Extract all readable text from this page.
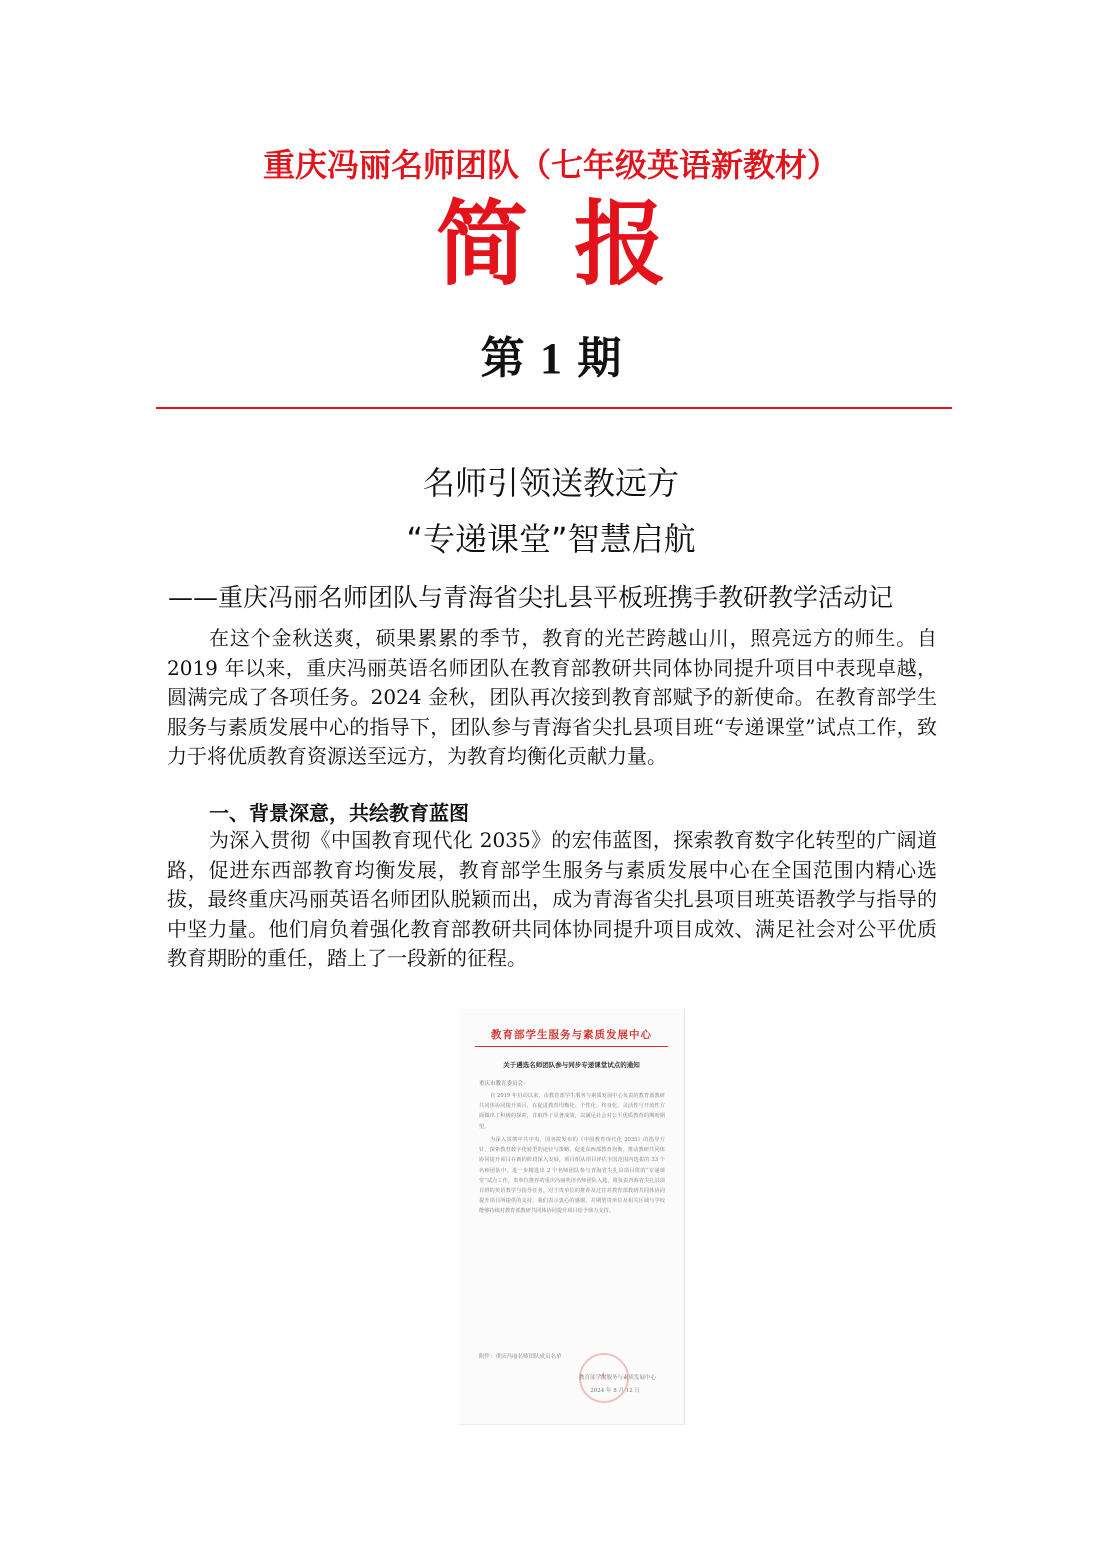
重庆冯丽名师团队（七年级英语新教材）
简报
第 1 期
名师引领送教远方
“专递课堂”智慧启航
——重庆冯丽名师团队与青海省尖扎县平板班携手教研教学活动记
在这个金秋送爽，硕果累累的季节，教育的光芒跨越山川，照亮远方的师生。自 2019 年以来，重庆冯丽英语名师团队在教育部教研共同体协同提升项目中表现卓越，圆满完成了各项任务。2024 金秋，团队再次接到教育部赋予的新使命。在教育部学生服务与素质发展中心的指导下，团队参与青海省尖扎县项目班“专递课堂”试点工作，致力于将优质教育资源送至远方，为教育均衡化贡献力量。
一、背景深意，共绘教育蓝图
为深入贯彻《中国教育现代化 2035》的宏伟蓝图，探索教育数字化转型的广阔道路，促进东西部教育均衡发展，教育部学生服务与素质发展中心在全国范围内精心选拔，最终重庆冯丽英语名师团队脱颖而出，成为青海省尖扎县项目班英语教学与指导的中坚力量。他们肩负着强化教育部教研共同体协同提升项目成效、满足社会对公平优质教育期盼的重任，踏上了一段新的征程。
教育部学生服务与素质发展中心
关于遴选名师团队参与同步专递课堂试点的通知
重庆市教育委员会：
自 2019 年启动以来，由教育部学生服务与素质发展中心负责的教育部教研共同体协同提升项目，在促进教育均衡化、个性化、终身化、灵活性与开放性方面做出了积极的探索，并取得了显著成效，以满足社会对公平优质教育的期盼期望。
为深入贯彻中共中央、国务院发布的《中国教育现代化 2035》的指导方针，探索教育数字化转型的途径与策略，促进东西部教育均衡，推动教研共同体协同提升项目在新的阶段深入发展，项目组从项目评估全国范围内选拔的 33 个名师团队中，进一步精选出 2 个名师团队参与青海省尖扎县项目班的“专递课堂”试点工作，贵单位推荐的重庆冯丽英语名师团队入选，将负责青海省尖扎县项目班的英语教学与指导任务。对于贵单位的推荐及过往对教育部教研共同体协同提升项目所提供的支持，我们表示衷心的感谢，并期望贵单位及相关区域与学校能够持续对教育部教研共同体协同提升项目给予鼎力支持。
附件：重庆冯丽名师团队成员名单
★
教育部学生服务与素质发展中心
2024 年 8 月 12 日
